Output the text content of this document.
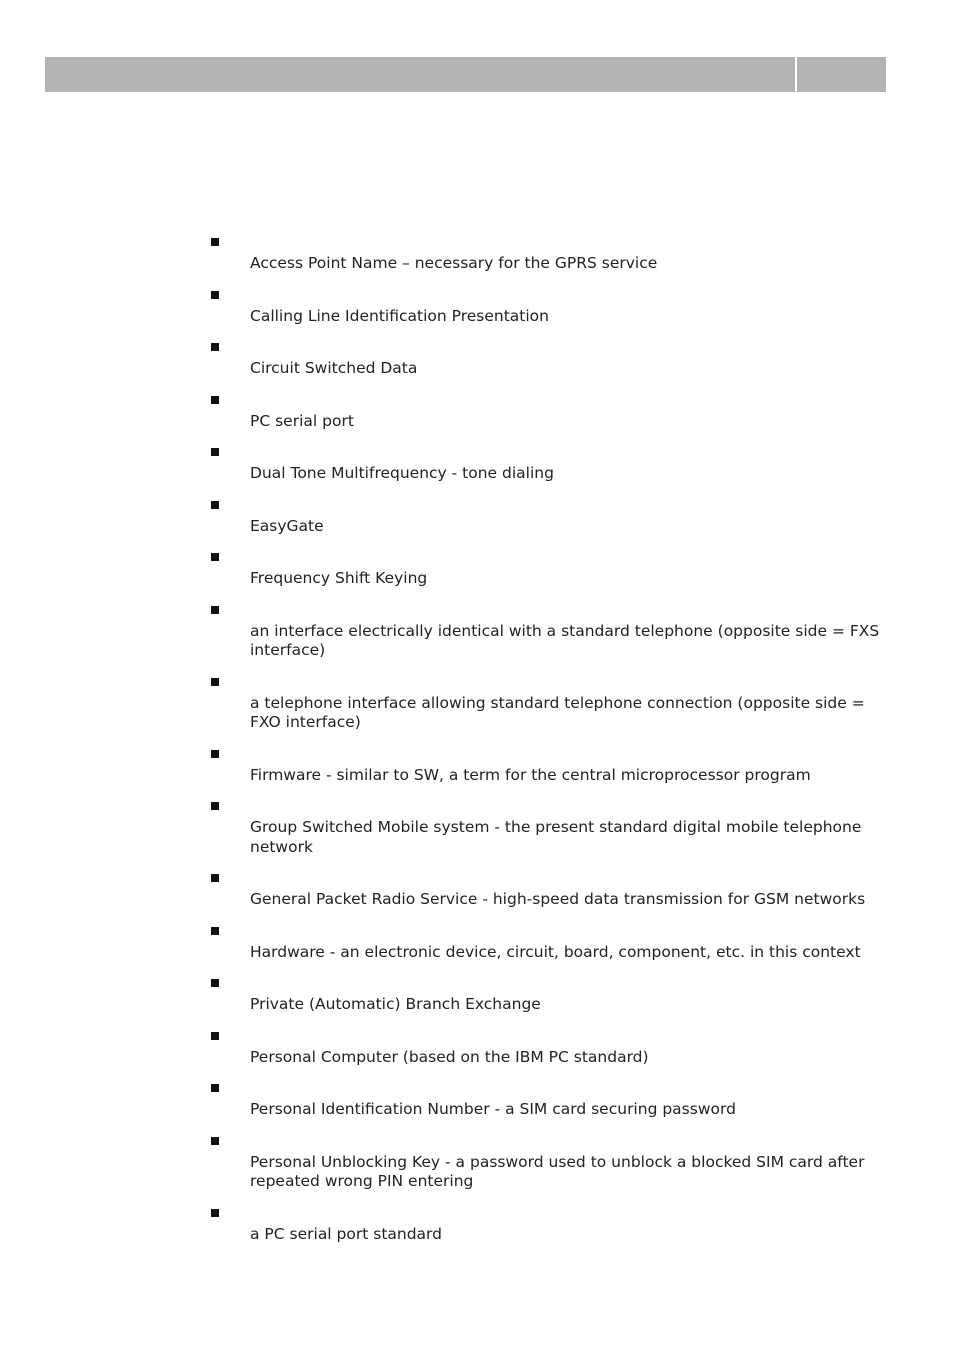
Access Point Name – necessary for the GPRS service
Calling Line Identification Presentation
Circuit Switched Data
PC serial port
Dual Tone Multifrequency - tone dialing
EasyGate
Frequency Shift Keying
an interface electrically identical with a standard telephone (opposite side = FXS interface)
a telephone interface allowing standard telephone connection (opposite side = FXO interface)
Firmware - similar to SW, a term for the central microprocessor program
Group Switched Mobile system - the present standard digital mobile telephone network
General Packet Radio Service - high-speed data transmission for GSM networks
Hardware - an electronic device, circuit, board, component, etc. in this context
Private (Automatic) Branch Exchange
Personal Computer (based on the IBM PC standard)
Personal Identification Number - a SIM card securing password
Personal Unblocking Key - a password used to unblock a blocked SIM card after repeated wrong PIN entering
a PC serial port standard
